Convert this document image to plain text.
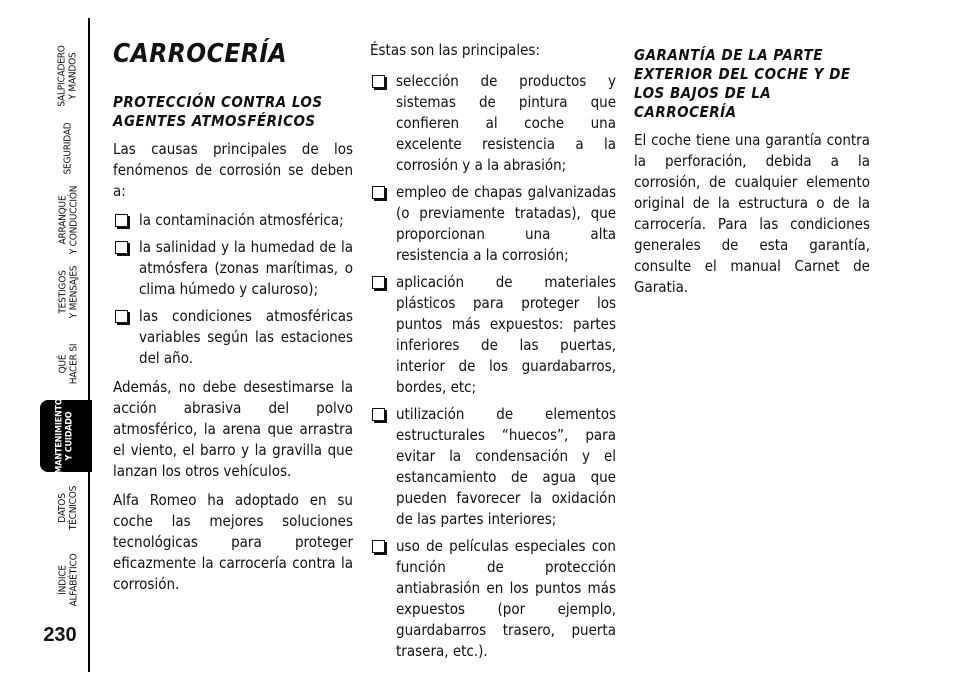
SALPICADERO
Y MANDOS
SEGURIDAD
ARRANQUE
Y CONDUCCIÓN
TESTIGOS
Y MENSAJES
QUÉ
HACER SI
MANTENIMIENTO
Y CUIDADO
DATOS
TÉCNICOS
ÍNDICE
ALFABÉTICO
230
CARROCERÍA
PROTECCIÓN CONTRA LOS AGENTES ATMOSFÉRICOS

Las causas principales de los fenómenos de corrosión se deben a:

la contaminación atmosférica;
la salinidad y la humedad de la atmósfera (zonas marítimas, o clima húmedo y caluroso);
las condiciones atmosféricas variables según las estaciones del año.

Además, no debe desestimarse la acción abrasiva del polvo atmosférico, la arena que arrastra el viento, el barro y la gravilla que lanzan los otros vehículos.

Alfa Romeo ha adoptado en su coche las mejores soluciones tecnológicas para proteger eficazmente la carrocería contra la corrosión.

Éstas son las principales:

selección de productos y sistemas de pintura que confieren al coche una excelente resistencia a la corrosión y a la abrasión;
empleo de chapas galvanizadas (o previamente tratadas), que proporcionan una alta resistencia a la corrosión;
aplicación de materiales plásticos para proteger los puntos más expuestos: partes inferiores de las puertas, interior de los guardabarros, bordes, etc;
utilización de elementos estructurales “huecos”, para evitar la condensación y el estancamiento de agua que pueden favorecer la oxidación de las partes interiores;
uso de películas especiales con función de protección antiabrasión en los puntos más expuestos (por ejemplo, guardabarros trasero, puerta trasera, etc.).
GARANTÍA DE LA PARTE EXTERIOR DEL COCHE Y DE LOS BAJOS DE LA CARROCERÍA

El coche tiene una garantía contra la perforación, debida a la corrosión, de cualquier elemento original de la estructura o de la carrocería. Para las condiciones generales de esta garantía, consulte el manual Carnet de Garatia.
